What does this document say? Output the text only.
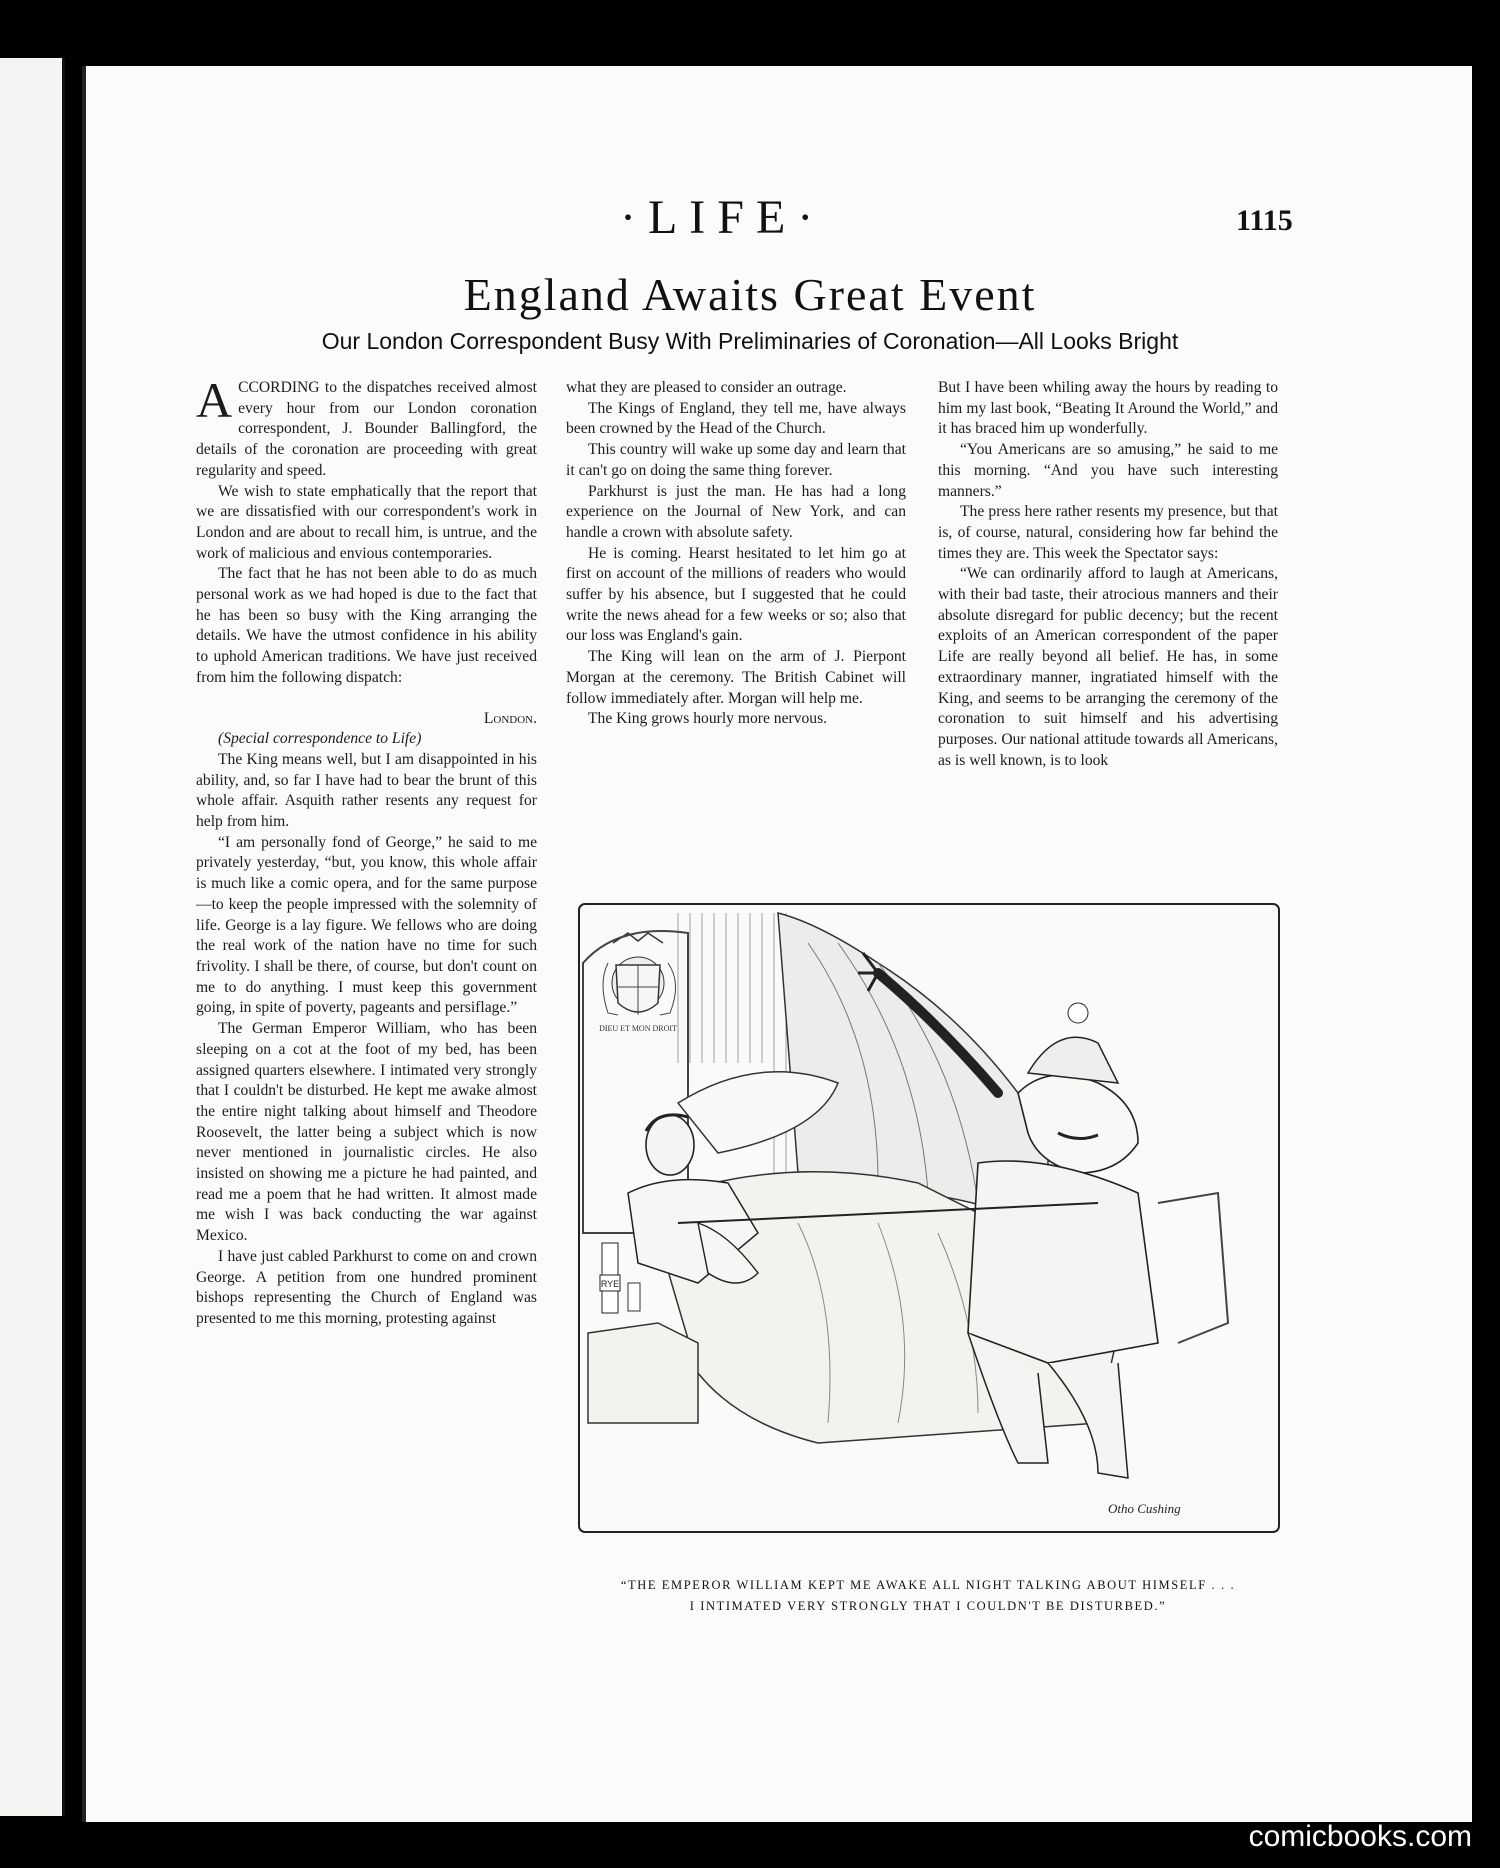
·LIFE·	1115
England Awaits Great Event
Our London Correspondent Busy With Preliminaries of Coronation—All Looks Bright

ACCORDING to the dispatches received almost every hour from our London coronation correspondent, J. Bounder Ballingford, the details of the coronation are proceeding with great regularity and speed.

We wish to state emphatically that the report that we are dissatisfied with our correspondent's work in London and are about to recall him, is untrue, and the work of malicious and envious contemporaries.

The fact that he has not been able to do as much personal work as we had hoped is due to the fact that he has been so busy with the King arranging the details. We have the utmost confidence in his ability to uphold American traditions. We have just received from him the following dispatch:

London.

(Special correspondence to Life)

The King means well, but I am disappointed in his ability, and, so far I have had to bear the brunt of this whole affair. Asquith rather resents any request for help from him.

“I am personally fond of George,” he said to me privately yesterday, “but, you know, this whole affair is much like a comic opera, and for the same purpose—to keep the people impressed with the solemnity of life. George is a lay figure. We fellows who are doing the real work of the nation have no time for such frivolity. I shall be there, of course, but don't count on me to do anything. I must keep this government going, in spite of poverty, pageants and persiflage.”

The German Emperor William, who has been sleeping on a cot at the foot of my bed, has been assigned quarters elsewhere. I intimated very strongly that I couldn't be disturbed. He kept me awake almost the entire night talking about himself and Theodore Roosevelt, the latter being a subject which is now never mentioned in journalistic circles. He also insisted on showing me a picture he had painted, and read me a poem that he had written. It almost made me wish I was back conducting the war against Mexico.

I have just cabled Parkhurst to come on and crown George. A petition from one hundred prominent bishops representing the Church of England was presented to me this morning, protesting against

what they are pleased to consider an outrage.

The Kings of England, they tell me, have always been crowned by the Head of the Church.

This country will wake up some day and learn that it can't go on doing the same thing forever.

Parkhurst is just the man. He has had a long experience on the Journal of New York, and can handle a crown with absolute safety.

He is coming. Hearst hesitated to let him go at first on account of the millions of readers who would suffer by his absence, but I suggested that he could write the news ahead for a few weeks or so; also that our loss was England's gain.

The King will lean on the arm of J. Pierpont Morgan at the ceremony. The British Cabinet will follow immediately after. Morgan will help me.

The King grows hourly more nervous.

But I have been whiling away the hours by reading to him my last book, “Beating It Around the World,” and it has braced him up wonderfully.

“You Americans are so amusing,” he said to me this morning. “And you have such interesting manners.”

The press here rather resents my presence, but that is, of course, natural, considering how far behind the times they are. This week the Spectator says:

“We can ordinarily afford to laugh at Americans, with their bad taste, their atrocious manners and their absolute disregard for public decency; but the recent exploits of an American correspondent of the paper Life are really beyond all belief. He has, in some extraordinary manner, ingratiated himself with the King, and seems to be arranging the ceremony of the coronation to suit himself and his advertising purposes. Our national attitude towards all Americans, as is well known, is to look

DIEU ET MON DROIT
RYE
Otho Cushing
“THE EMPEROR WILLIAM KEPT ME AWAKE ALL NIGHT TALKING ABOUT HIMSELF . . .
I INTIMATED VERY STRONGLY THAT I COULDN'T BE DISTURBED.”
comicbooks.com
